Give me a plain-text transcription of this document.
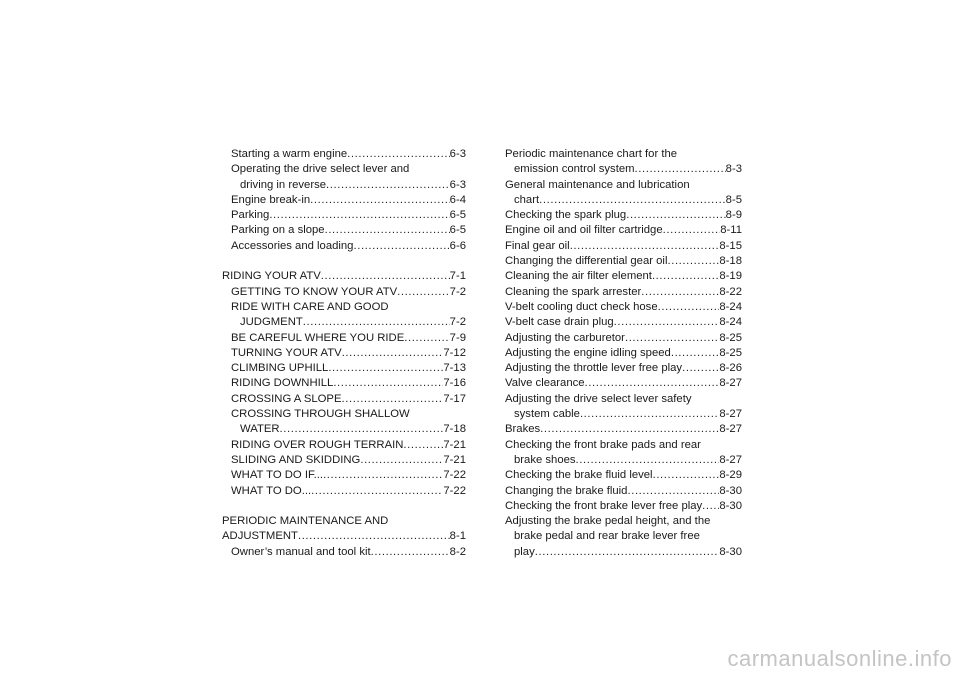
Starting a warm engine .....	6-3
Operating the drive select lever and
driving in reverse .....	6-3
Engine break-in .....	6-4
Parking .....	6-5
Parking on a slope .....	6-5
Accessories and loading .....	6-6
RIDING YOUR ATV .....	7-1
GETTING TO KNOW YOUR ATV .....	7-2
RIDE WITH CARE AND GOOD
JUDGMENT .....	7-2
BE CAREFUL WHERE YOU RIDE .....	7-9
TURNING YOUR ATV .....	7-12
CLIMBING UPHILL .....	7-13
RIDING DOWNHILL .....	7-16
CROSSING A SLOPE .....	7-17
CROSSING THROUGH SHALLOW
WATER .....	7-18
RIDING OVER ROUGH TERRAIN .....	7-21
SLIDING AND SKIDDING .....	7-21
WHAT TO DO IF... .....	7-22
WHAT TO DO... .....	7-22
PERIODIC MAINTENANCE AND
ADJUSTMENT .....	8-1
Owner’s manual and tool kit .....	8-2
Periodic maintenance chart for the
emission control system .....	8-3
General maintenance and lubrication
chart .....	8-5
Checking the spark plug .....	8-9
Engine oil and oil filter cartridge .....	8-11
Final gear oil .....	8-15
Changing the differential gear oil .....	8-18
Cleaning the air filter element .....	8-19
Cleaning the spark arrester .....	8-22
V-belt cooling duct check hose .....	8-24
V-belt case drain plug .....	8-24
Adjusting the carburetor .....	8-25
Adjusting the engine idling speed .....	8-25
Adjusting the throttle lever free play .....	8-26
Valve clearance .....	8-27
Adjusting the drive select lever safety
system cable .....	8-27
Brakes .....	8-27
Checking the front brake pads and rear
brake shoes .....	8-27
Checking the brake fluid level .....	8-29
Changing the brake fluid .....	8-30
Checking the front brake lever free play ..... 8-30
Adjusting the brake pedal height, and the
brake pedal and rear brake lever free
play .....	8-30
carmanualsonline.info
